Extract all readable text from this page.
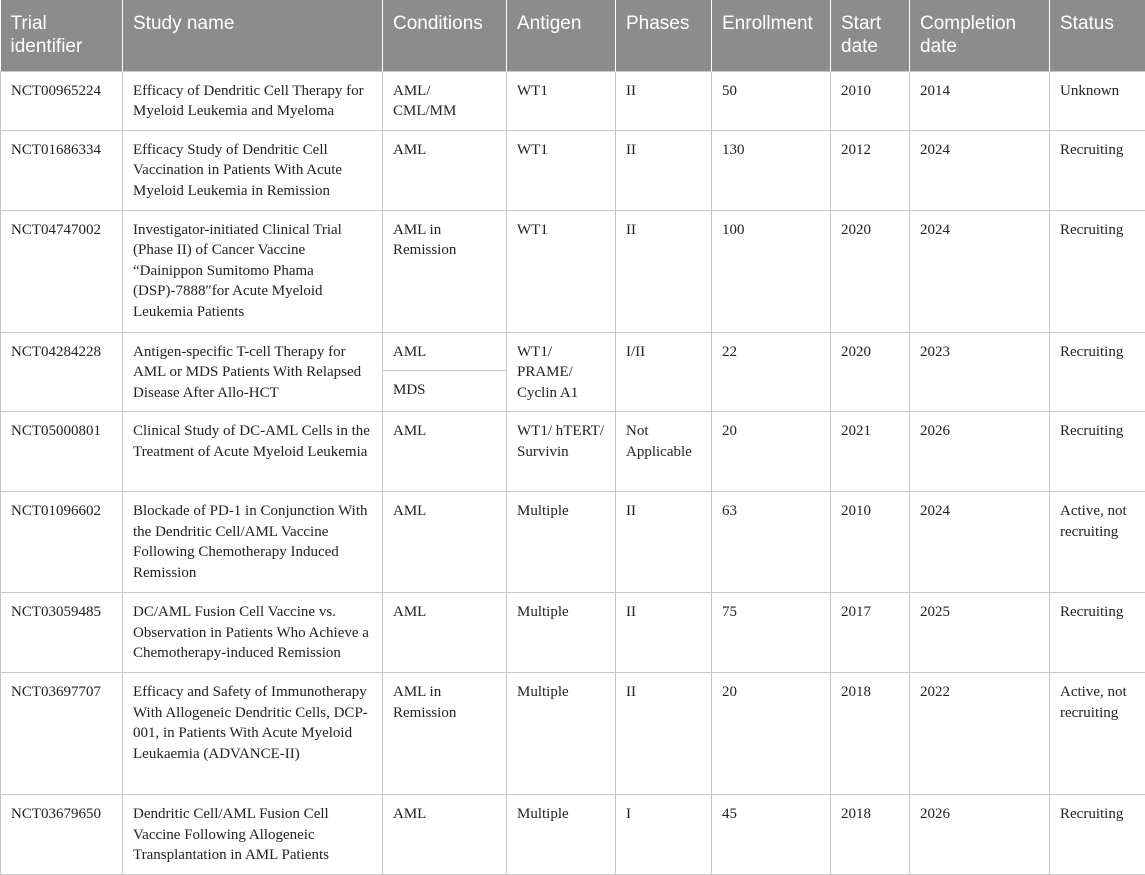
Trial identifier	Study name	Conditions	Antigen	Phases	Enrollment	Start date	Completion date	Status
NCT00965224	Efficacy of Dendritic Cell Therapy for Myeloid Leukemia and Myeloma	AML/ CML/MM	WT1	II	50	2010	2014	Unknown
NCT01686334	Efficacy Study of Dendritic Cell Vaccination in Patients With Acute Myeloid Leukemia in Remission	AML	WT1	II	130	2012	2024	Recruiting
NCT04747002	Investigator-initiated Clinical Trial (Phase II) of Cancer Vaccine “Dainippon Sumitomo Phama (DSP)-7888″for Acute Myeloid Leukemia Patients	AML in Remission	WT1	II	100	2020	2024	Recruiting
NCT04284228	Antigen-specific T-cell Therapy for AML or MDS Patients With Relapsed Disease After Allo-HCT	AML	WT1/ PRAME/ Cyclin A1	I/II	22	2020	2023	Recruiting
		MDS						
NCT05000801	Clinical Study of DC-AML Cells in the Treatment of Acute Myeloid Leukemia	AML	WT1/ hTERT/ Survivin	Not Applicable	20	2021	2026	Recruiting
NCT01096602	Blockade of PD-1 in Conjunction With the Dendritic Cell/AML Vaccine Following Chemotherapy Induced Remission	AML	Multiple	II	63	2010	2024	Active, not recruiting
NCT03059485	DC/AML Fusion Cell Vaccine vs. Observation in Patients Who Achieve a Chemotherapy-induced Remission	AML	Multiple	II	75	2017	2025	Recruiting
NCT03697707	Efficacy and Safety of Immunotherapy With Allogeneic Dendritic Cells, DCP-001, in Patients With Acute Myeloid Leukaemia (ADVANCE-II)	AML in Remission	Multiple	II	20	2018	2022	Active, not recruiting
NCT03679650	Dendritic Cell/AML Fusion Cell Vaccine Following Allogeneic Transplantation in AML Patients	AML	Multiple	I	45	2018	2026	Recruiting
